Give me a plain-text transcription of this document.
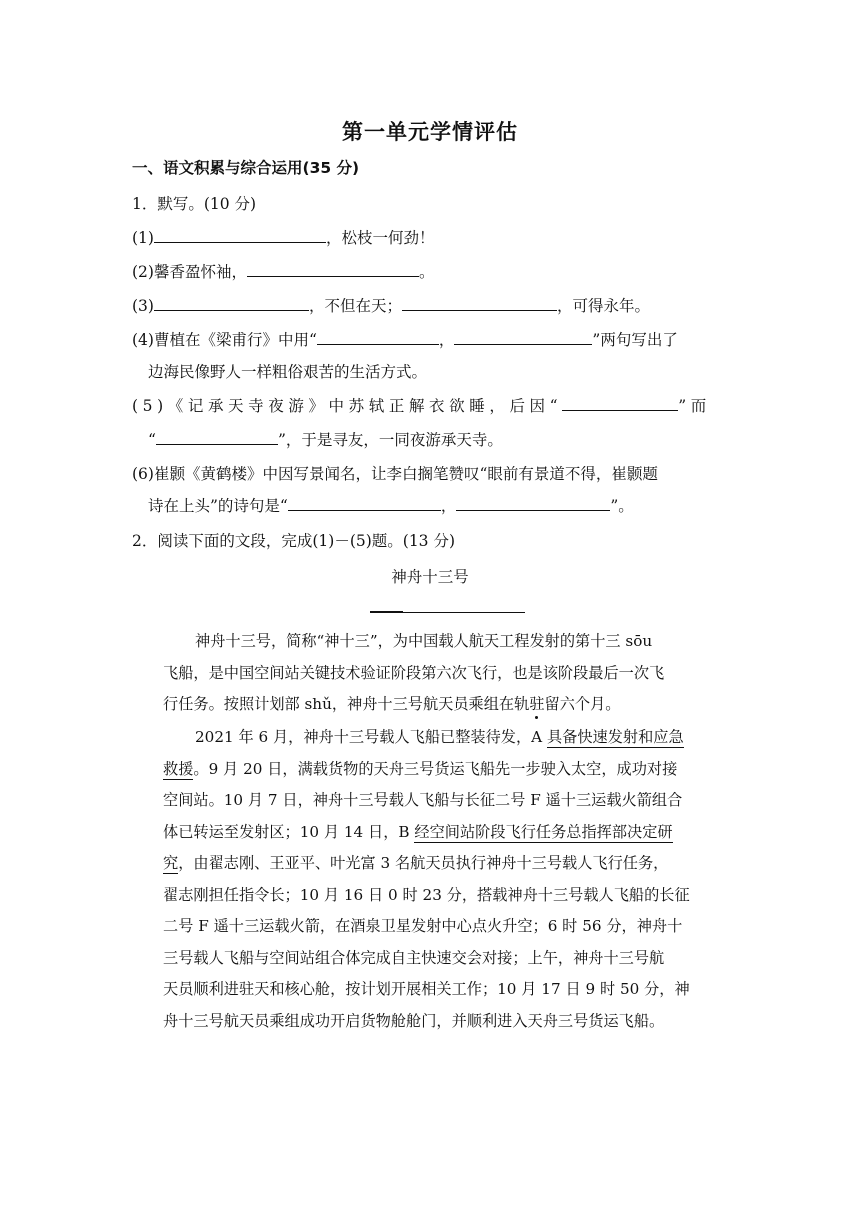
第一单元学情评估
一、语文积累与综合运用(35 分)
1．默写。(10 分)
(1)	，松枝一何劲！
(2)馨香盈怀袖，	。
(3)	，不但在天；	，可得永年。
(4)曹植在《梁甫行》中用“	，	”两句写出了
边海民像野人一样粗俗艰苦的生活方式。
(5)《记承天寺夜游》中苏轼正解衣欲睡，后因“	”而
“	”，于是寻友，一同夜游承天寺。
(6)崔颢《黄鹤楼》中因写景闻名，让李白搁笔赞叹“眼前有景道不得，崔颢题
诗在上头”的诗句是“	，	”。
2．阅读下面的文段，完成(1)－(5)题。(13 分)
神舟十三号
神舟十三号，简称“神十三”，为中国载人航天工程发射的第十三 sōu
飞船，是中国空间站关键技术验证阶段第六次飞行，也是该阶段最后一次飞
行任务。按照计划部 shǔ，神舟十三号航天员乘组在轨驻留六个月。
2021 年 6 月，神舟十三号载人飞船已整装待发，A 具备快速发射和应急
救援。9 月 20 日，满载货物的天舟三号货运飞船先一步驶入太空，成功对接
空间站。10 月 7 日，神舟十三号载人飞船与长征二号 F 遥十三运载火箭组合
体已转运至发射区；10 月 14 日，B 经空间站阶段飞行任务总指挥部决定研
究，由翟志刚、王亚平、叶光富 3 名航天员执行神舟十三号载人飞行任务，
翟志刚担任指令长；10 月 16 日 0 时 23 分，搭载神舟十三号载人飞船的长征
二号 F 遥十三运载火箭，在酒泉卫星发射中心点火升空；6 时 56 分，神舟十
三号载人飞船与空间站组合体完成自主快速交会对接；上午，神舟十三号航
天员顺利进驻天和核心舱，按计划开展相关工作；10 月 17 日 9 时 50 分，神
舟十三号航天员乘组成功开启货物舱舱门，并顺利进入天舟三号货运飞船。
